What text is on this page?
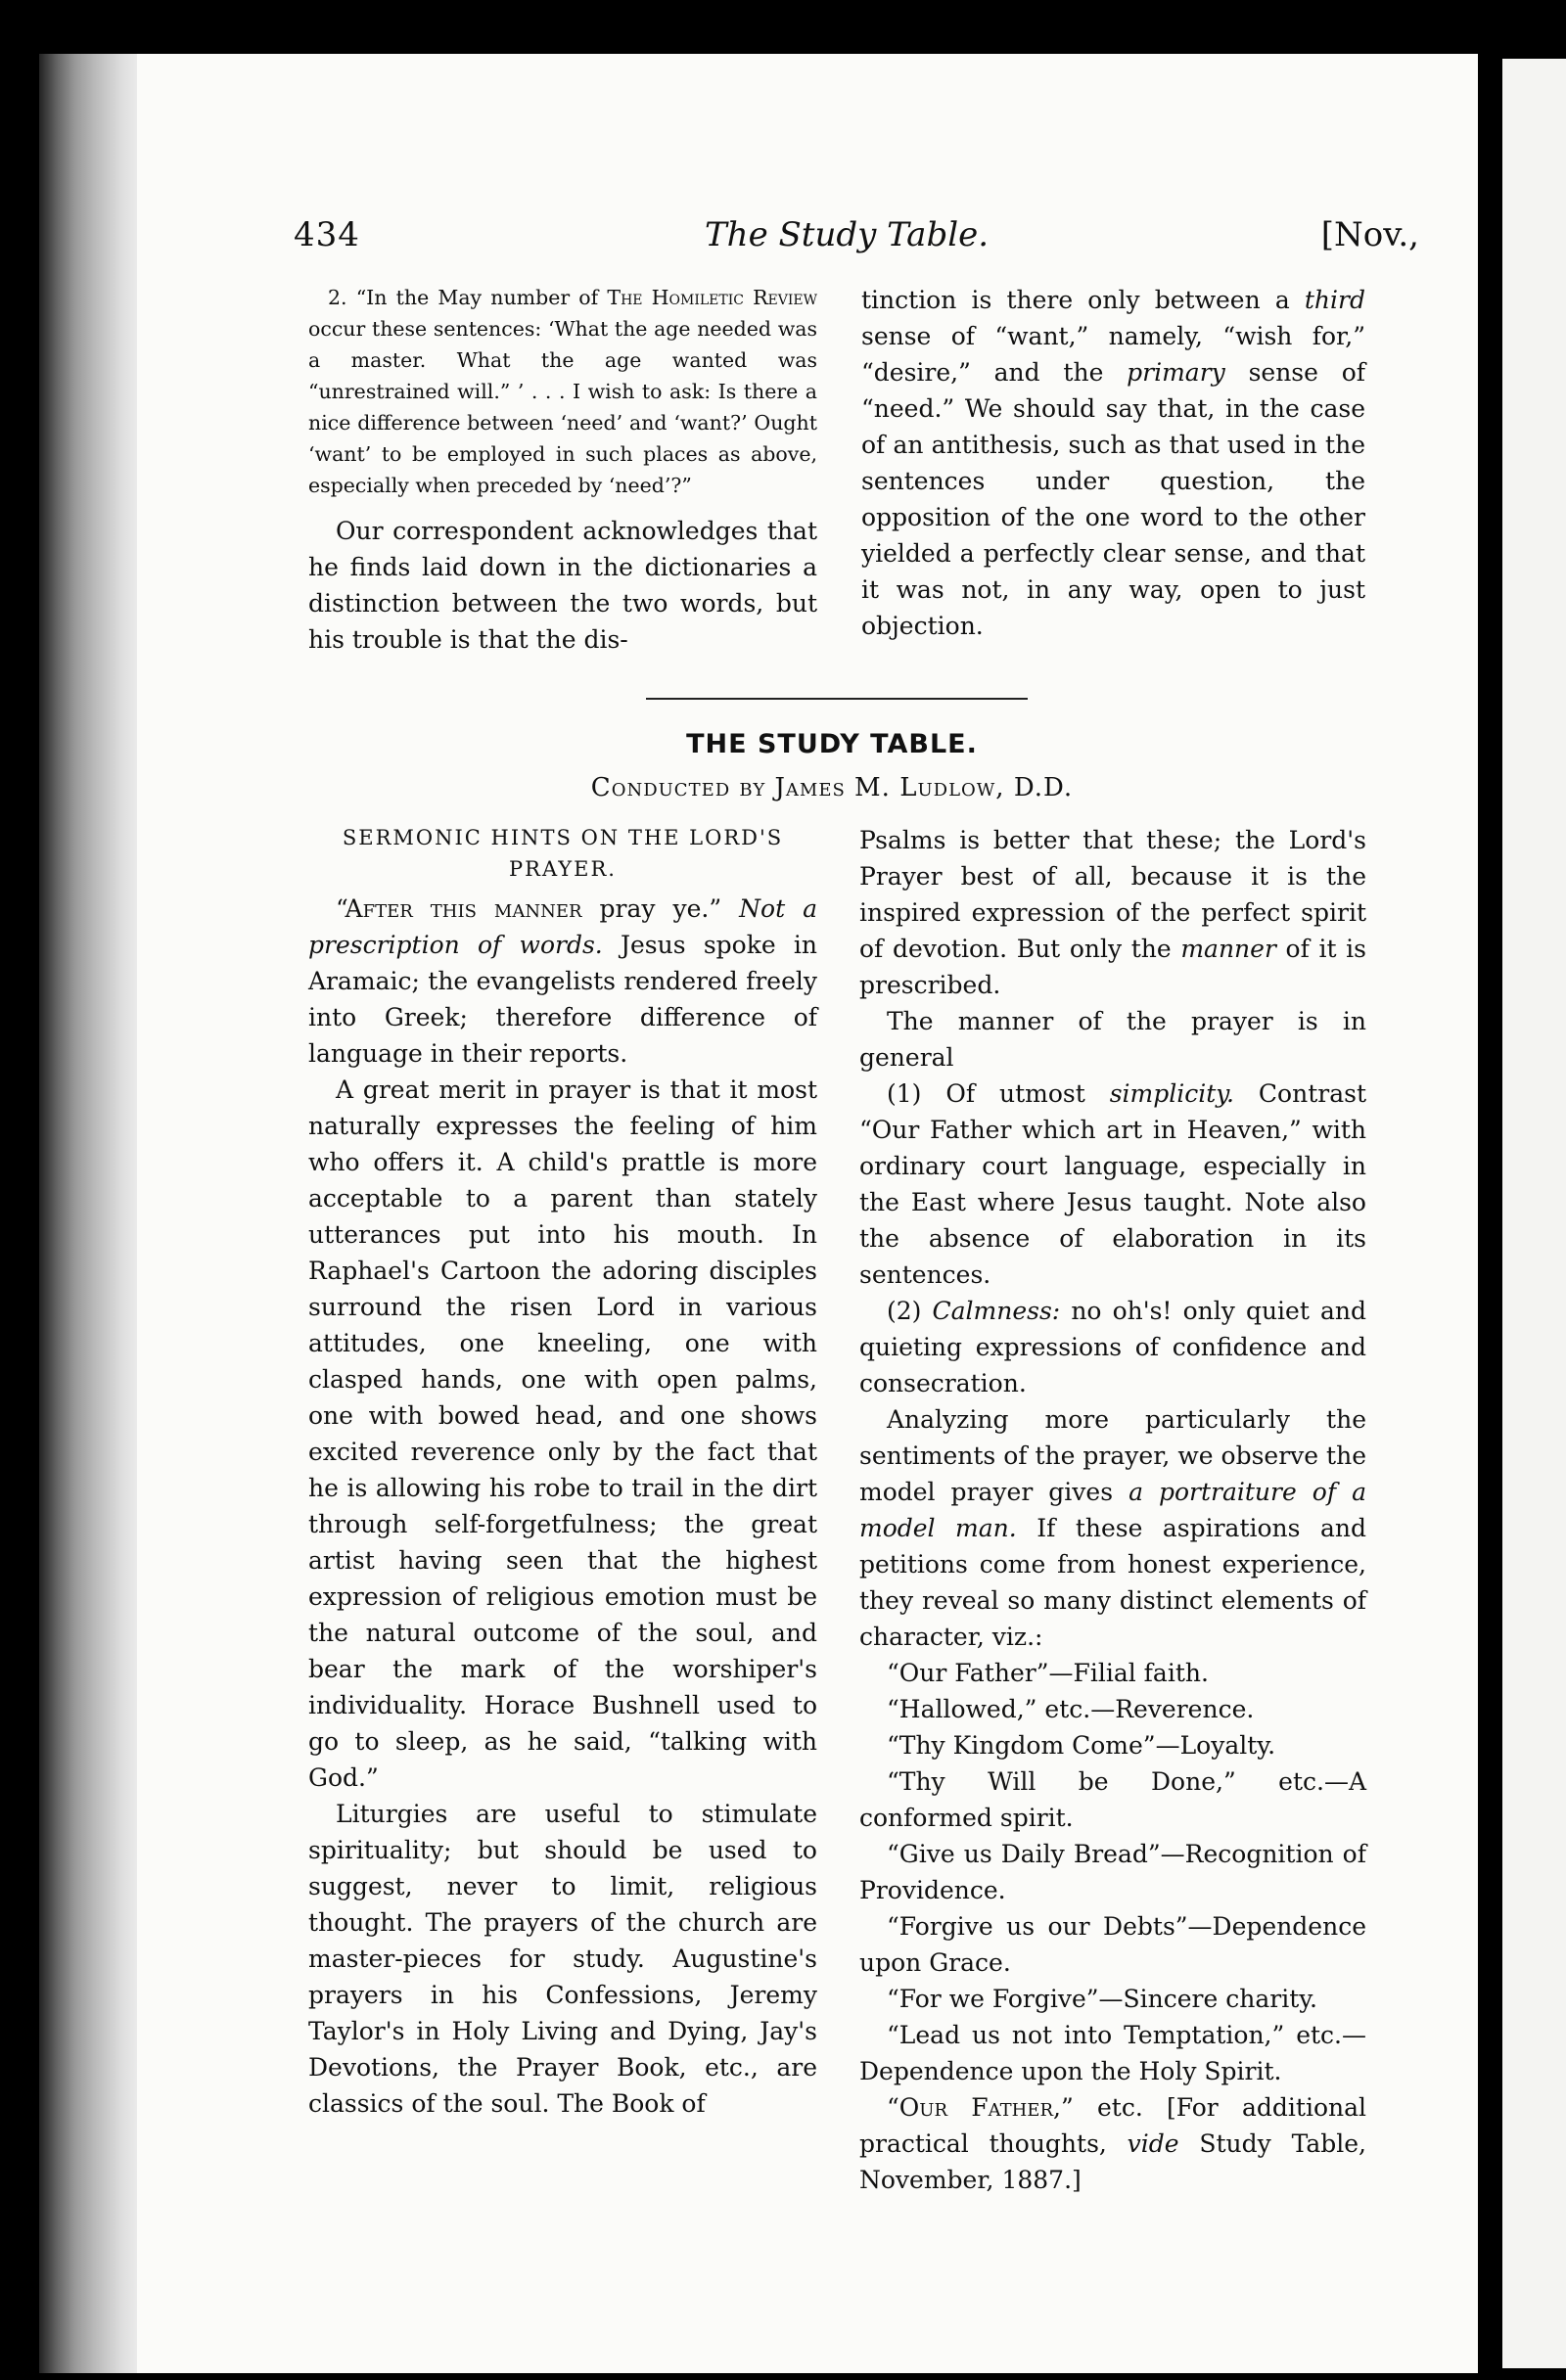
434	The Study Table.	[Nov.,

2. “In the May number of The Homiletic Review occur these sentences: ‘What the age needed was a master. What the age wanted was “unrestrained will.” ’ . . . I wish to ask: Is there a nice difference between ‘need’ and ‘want?’ Ought ‘want’ to be employed in such places as above, especially when preceded by ‘need’?”

Our correspondent acknowledges that he finds laid down in the dictionaries a distinction between the two words, but his trouble is that the dis-

tinction is there only between a third sense of “want,” namely, “wish for,” “desire,” and the primary sense of “need.” We should say that, in the case of an antithesis, such as that used in the sentences under question, the opposition of the one word to the other yielded a perfectly clear sense, and that it was not, in any way, open to just objection.

THE STUDY TABLE.
Conducted by James M. Ludlow, D.D.
SERMONIC HINTS ON THE LORD'S PRAYER.

“After this manner pray ye.” Not a prescription of words. Jesus spoke in Aramaic; the evangelists rendered freely into Greek; therefore difference of language in their reports.

A great merit in prayer is that it most naturally expresses the feeling of him who offers it. A child's prattle is more acceptable to a parent than stately utterances put into his mouth. In Raphael's Cartoon the adoring disciples surround the risen Lord in various attitudes, one kneeling, one with clasped hands, one with open palms, one with bowed head, and one shows excited reverence only by the fact that he is allowing his robe to trail in the dirt through self-forgetfulness; the great artist having seen that the highest expression of religious emotion must be the natural outcome of the soul, and bear the mark of the worshiper's individuality. Horace Bushnell used to go to sleep, as he said, “talking with God.”

Liturgies are useful to stimulate spirituality; but should be used to suggest, never to limit, religious thought. The prayers of the church are master-pieces for study. Augustine's prayers in his Confessions, Jeremy Taylor's in Holy Living and Dying, Jay's Devotions, the Prayer Book, etc., are classics of the soul. The Book of

Psalms is better that these; the Lord's Prayer best of all, because it is the inspired expression of the perfect spirit of devotion. But only the manner of it is prescribed.

The manner of the prayer is in general

(1) Of utmost simplicity. Contrast “Our Father which art in Heaven,” with ordinary court language, especially in the East where Jesus taught. Note also the absence of elaboration in its sentences.

(2) Calmness: no oh's! only quiet and quieting expressions of confidence and consecration.

Analyzing more particularly the sentiments of the prayer, we observe the model prayer gives a portraiture of a model man. If these aspirations and petitions come from honest experience, they reveal so many distinct elements of character, viz.:

“Our Father”—Filial faith.

“Hallowed,” etc.—Reverence.

“Thy Kingdom Come”—Loyalty.

“Thy Will be Done,” etc.—A conformed spirit.

“Give us Daily Bread”—Recognition of Providence.

“Forgive us our Debts”—Dependence upon Grace.

“For we Forgive”—Sincere charity.

“Lead us not into Temptation,” etc.—Dependence upon the Holy Spirit.

“Our Father,” etc. [For additional practical thoughts, vide Study Table, November, 1887.]
